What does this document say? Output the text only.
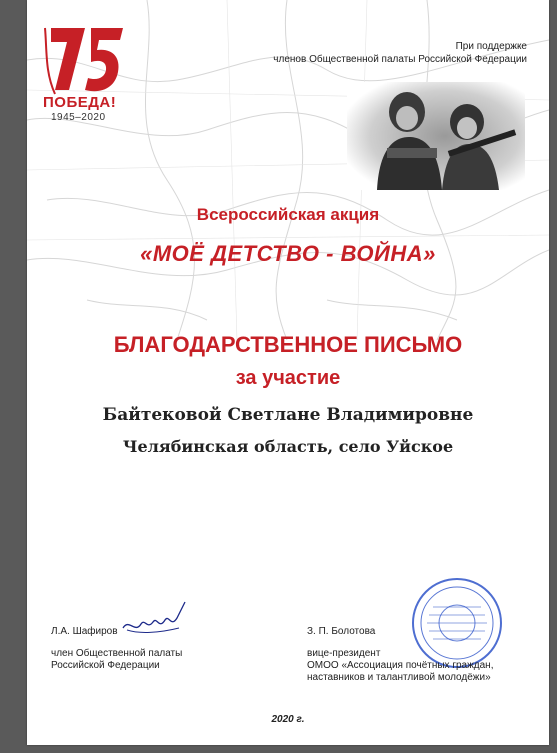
ПОБЕДА!
1945–2020
При поддержке
членов Общественной палаты Российской Федерации
Всероссийская акция
«МОЁ ДЕТСТВО - ВОЙНА»
БЛАГОДАРСТВЕННОЕ ПИСЬМО
за участие
Байтековой Светлане Владимировне
Челябинская область, село Уйское
Л.А. Шафиров
член Общественной палаты
Российской Федерации
З. П. Болотова
вице-президент
ОМОО «Ассоциация почётных граждан,
наставников и талантливой молодёжи»
2020 г.
